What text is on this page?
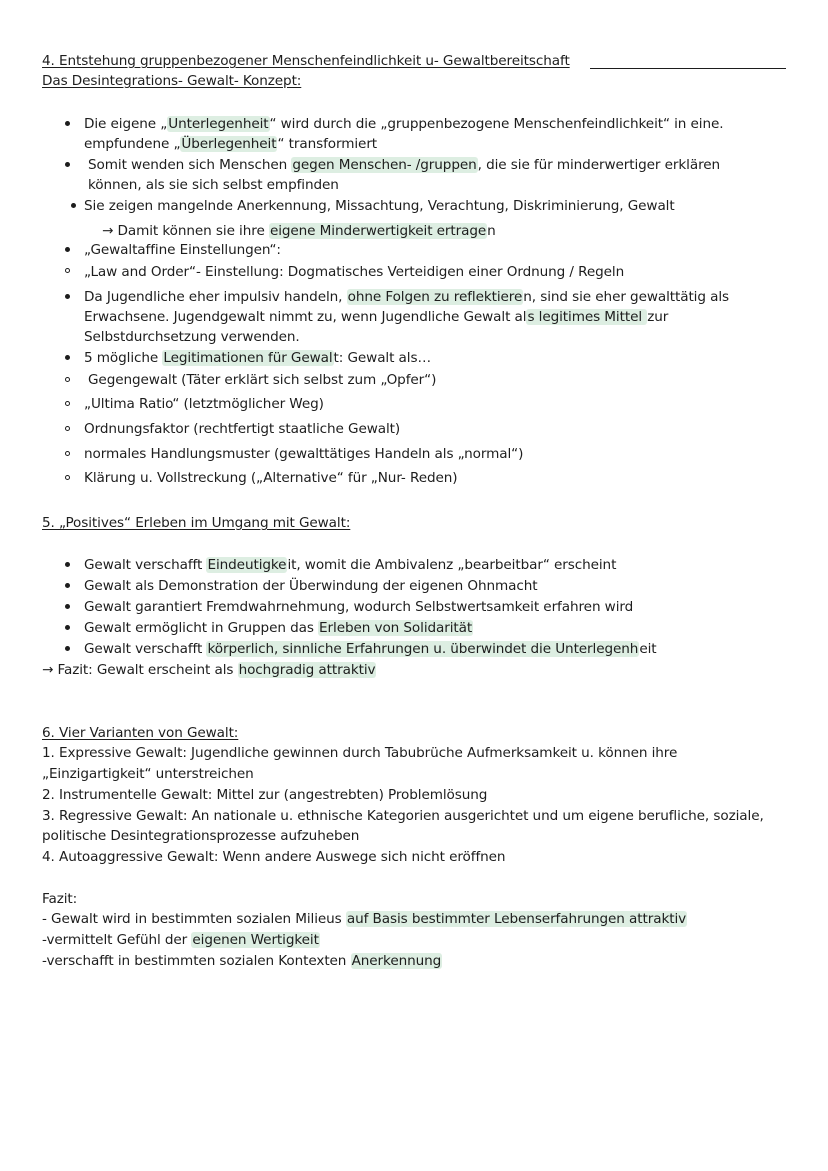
4. Entstehung gruppenbezogener Menschenfeindlichkeit u- Gewaltbereitschaft
Das Desintegrations- Gewalt- Konzept:
Die eigene „Unterlegenheit“ wird durch die „gruppenbezogene Menschenfeindlichkeit“ in eine.
empfundene „Überlegenheit“ transformiert
Somit wenden sich Menschen gegen Menschen- /gruppen, die sie für minderwertiger erklären
können, als sie sich selbst empfinden
Sie zeigen mangelnde Anerkennung, Missachtung, Verachtung, Diskriminierung, Gewalt
→ Damit können sie ihre eigene Minderwertigkeit ertragen
„Gewaltaffine Einstellungen“:
„Law and Order“- Einstellung: Dogmatisches Verteidigen einer Ordnung / Regeln
Da Jugendliche eher impulsiv handeln, ohne Folgen zu reflektieren, sind sie eher gewalttätig als
Erwachsene. Jugendgewalt nimmt zu, wenn Jugendliche Gewalt als legitimes Mittel zur
Selbstdurchsetzung verwenden.
5 mögliche Legitimationen für Gewalt: Gewalt als…
Gegengewalt (Täter erklärt sich selbst zum „Opfer“)
„Ultima Ratio“ (letztmöglicher Weg)
Ordnungsfaktor (rechtfertigt staatliche Gewalt)
normales Handlungsmuster (gewalttätiges Handeln als „normal“)
Klärung u. Vollstreckung („Alternative“ für „Nur- Reden)
5. „Positives“ Erleben im Umgang mit Gewalt:
Gewalt verschafft Eindeutigkeit, womit die Ambivalenz „bearbeitbar“ erscheint
Gewalt als Demonstration der Überwindung der eigenen Ohnmacht
Gewalt garantiert Fremdwahrnehmung, wodurch Selbstwertsamkeit erfahren wird
Gewalt ermöglicht in Gruppen das Erleben von Solidarität
Gewalt verschafft körperlich, sinnliche Erfahrungen u. überwindet die Unterlegenheit
→ Fazit: Gewalt erscheint als hochgradig attraktiv
6. Vier Varianten von Gewalt:
1. Expressive Gewalt: Jugendliche gewinnen durch Tabubrüche Aufmerksamkeit u. können ihre
„Einzigartigkeit“ unterstreichen
2. Instrumentelle Gewalt: Mittel zur (angestrebten) Problemlösung
3. Regressive Gewalt: An nationale u. ethnische Kategorien ausgerichtet und um eigene berufliche, soziale,
politische Desintegrationsprozesse aufzuheben
4. Autoaggressive Gewalt: Wenn andere Auswege sich nicht eröffnen
Fazit:
- Gewalt wird in bestimmten sozialen Milieus auf Basis bestimmter Lebenserfahrungen attraktiv
-vermittelt Gefühl der eigenen Wertigkeit
-verschafft in bestimmten sozialen Kontexten Anerkennung
